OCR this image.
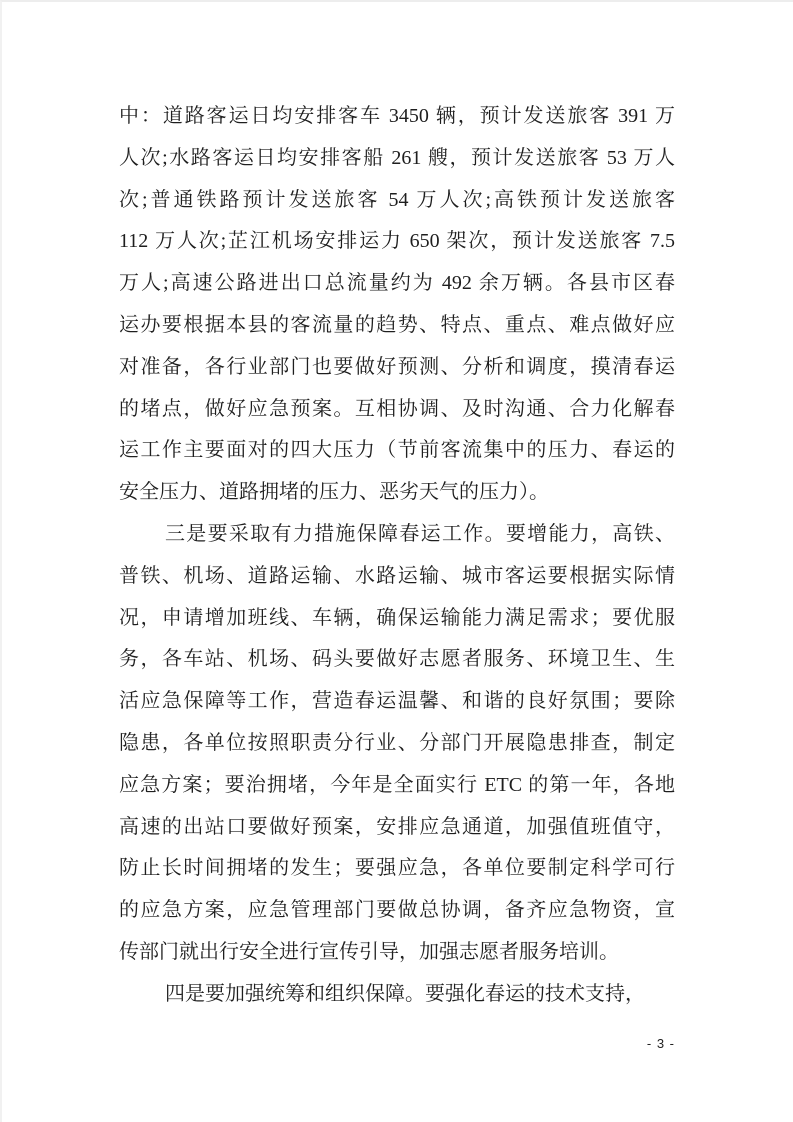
中：道路客运日均安排客车 3450 辆，预计发送旅客 391 万
人次;水路客运日均安排客船 261 艘，预计发送旅客 53 万人
次;普通铁路预计发送旅客 54 万人次;高铁预计发送旅客
112 万人次;芷江机场安排运力 650 架次，预计发送旅客 7.5
万人;高速公路进出口总流量约为 492 余万辆。各县市区春
运办要根据本县的客流量的趋势、特点、重点、难点做好应
对准备，各行业部门也要做好预测、分析和调度，摸清春运
的堵点，做好应急预案。互相协调、及时沟通、合力化解春
运工作主要面对的四大压力（节前客流集中的压力、春运的
安全压力、道路拥堵的压力、恶劣天气的压力）。
三是要采取有力措施保障春运工作。要增能力，高铁、
普铁、机场、道路运输、水路运输、城市客运要根据实际情
况，申请增加班线、车辆，确保运输能力满足需求；要优服
务，各车站、机场、码头要做好志愿者服务、环境卫生、生
活应急保障等工作，营造春运温馨、和谐的良好氛围；要除
隐患，各单位按照职责分行业、分部门开展隐患排查，制定
应急方案；要治拥堵，今年是全面实行 ETC 的第一年，各地
高速的出站口要做好预案，安排应急通道，加强值班值守，
防止长时间拥堵的发生；要强应急，各单位要制定科学可行
的应急方案，应急管理部门要做总协调，备齐应急物资，宣
传部门就出行安全进行宣传引导，加强志愿者服务培训。
四是要加强统筹和组织保障。要强化春运的技术支持，
- 3 -
